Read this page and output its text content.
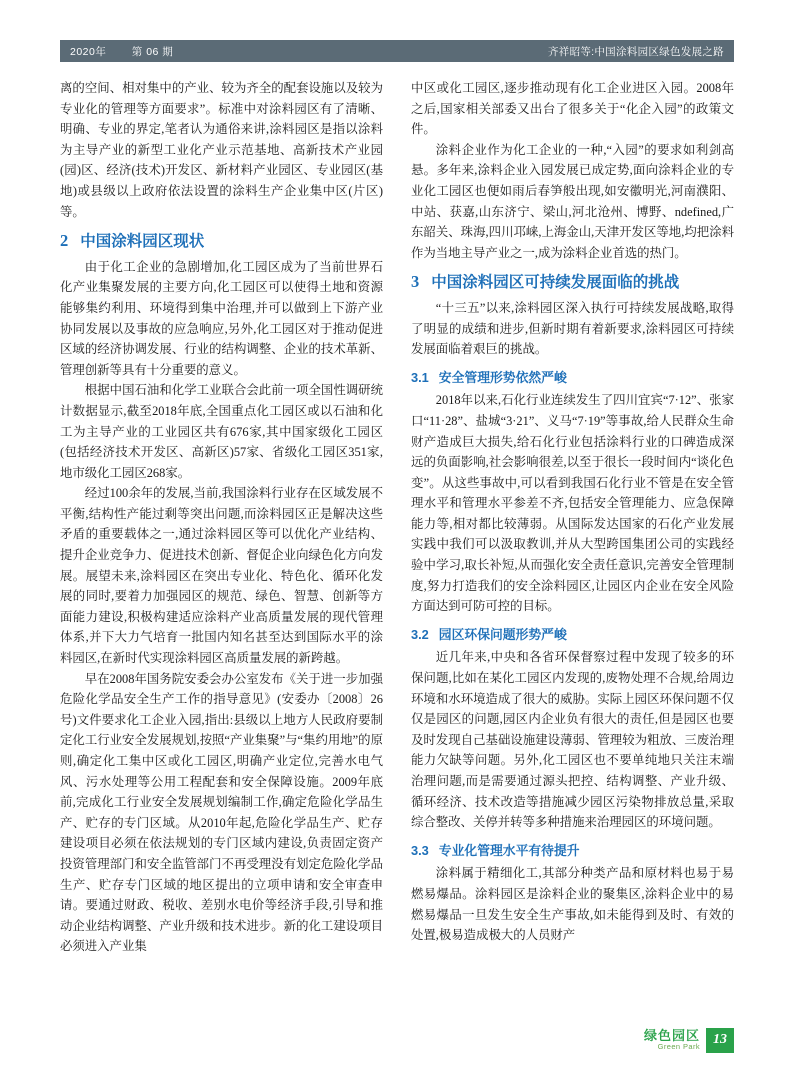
2020年 第 06 期	齐祥昭等:中国涂料园区绿色发展之路

离的空间、相对集中的产业、较为齐全的配套设施以及较为专业化的管理等方面要求”。标准中对涂料园区有了清晰、明确、专业的界定,笔者认为通俗来讲,涂料园区是指以涂料为主导产业的新型工业化产业示范基地、高新技术产业园(园)区、经济(技术)开发区、新材料产业园区、专业园区(基地)或县级以上政府依法设置的涂料生产企业集中区(片区)等。

2 中国涂料园区现状

由于化工企业的急剧增加,化工园区成为了当前世界石化产业集聚发展的主要方向,化工园区可以使得土地和资源能够集约利用、环境得到集中治理,并可以做到上下游产业协同发展以及事故的应急响应,另外,化工园区对于推动促进区域的经济协调发展、行业的结构调整、企业的技术革新、管理创新等具有十分重要的意义。

根据中国石油和化学工业联合会此前一项全国性调研统计数据显示,截至2018年底,全国重点化工园区或以石油和化工为主导产业的工业园区共有676家,其中国家级化工园区(包括经济技术开发区、高新区)57家、省级化工园区351家,地市级化工园区268家。

经过100余年的发展,当前,我国涂料行业存在区域发展不平衡,结构性产能过剩等突出问题,而涂料园区正是解决这些矛盾的重要载体之一,通过涂料园区等可以优化产业结构、提升企业竞争力、促进技术创新、督促企业向绿色化方向发展。展望未来,涂料园区在突出专业化、特色化、循环化发展的同时,要着力加强园区的规范、绿色、智慧、创新等方面能力建设,积极构建适应涂料产业高质量发展的现代管理体系,并下大力气培育一批国内知名甚至达到国际水平的涂料园区,在新时代实现涂料园区高质量发展的新跨越。

早在2008年国务院安委会办公室发布《关于进一步加强危险化学品安全生产工作的指导意见》(安委办〔2008〕26号)文件要求化工企业入园,指出:县级以上地方人民政府要制定化工行业安全发展规划,按照“产业集聚”与“集约用地”的原则,确定化工集中区或化工园区,明确产业定位,完善水电气风、污水处理等公用工程配套和安全保障设施。2009年底前,完成化工行业安全发展规划编制工作,确定危险化学品生产、贮存的专门区域。从2010年起,危险化学品生产、贮存建设项目必须在依法规划的专门区域内建设,负责固定资产投资管理部门和安全监管部门不再受理没有划定危险化学品生产、贮存专门区域的地区提出的立项申请和安全审查申请。要通过财政、税收、差别水电价等经济手段,引导和推动企业结构调整、产业升级和技术进步。新的化工建设项目必须进入产业集

中区或化工园区,逐步推动现有化工企业进区入园。2008年之后,国家相关部委又出台了很多关于“化企入园”的政策文件。

涂料企业作为化工企业的一种,“入园”的要求如利剑高悬。多年来,涂料企业入园发展已成定势,面向涂料企业的专业化工园区也便如雨后春笋般出现,如安徽明光,河南濮阳、中站、获嘉,山东济宁、梁山,河北沧州、博野、ndefined,广东韶关、珠海,四川邛崃,上海金山,天津开发区等地,均把涂料作为当地主导产业之一,成为涂料企业首选的热门。

3 中国涂料园区可持续发展面临的挑战

“十三五”以来,涂料园区深入执行可持续发展战略,取得了明显的成绩和进步,但新时期有着新要求,涂料园区可持续发展面临着艰巨的挑战。

3.1 安全管理形势依然严峻

2018年以来,石化行业连续发生了四川宜宾“7·12”、张家口“11·28”、盐城“3·21”、义马“7·19”等事故,给人民群众生命财产造成巨大损失,给石化行业包括涂料行业的口碑造成深远的负面影响,社会影响很差,以至于很长一段时间内“谈化色变”。从这些事故中,可以看到我国石化行业不管是在安全管理水平和管理水平参差不齐,包括安全管理能力、应急保障能力等,相对都比较薄弱。从国际发达国家的石化产业发展实践中我们可以汲取教训,并从大型跨国集团公司的实践经验中学习,取长补短,从而强化安全责任意识,完善安全管理制度,努力打造我们的安全涂料园区,让园区内企业在安全风险方面达到可防可控的目标。

3.2 园区环保问题形势严峻

近几年来,中央和各省环保督察过程中发现了较多的环保问题,比如在某化工园区内发现的,废物处理不合规,给周边环境和水环境造成了很大的威胁。实际上园区环保问题不仅仅是园区的问题,园区内企业负有很大的责任,但是园区也要及时发现自己基础设施建设薄弱、管理较为粗放、三废治理能力欠缺等问题。另外,化工园区也不要单纯地只关注末端治理问题,而是需要通过源头把控、结构调整、产业升级、循环经济、技术改造等措施减少园区污染物排放总量,采取综合整改、关停并转等多种措施来治理园区的环境问题。

3.3 专业化管理水平有待提升

涂料属于精细化工,其部分种类产品和原材料也易于易燃易爆品。涂料园区是涂料企业的聚集区,涂料企业中的易燃易爆品一旦发生安全生产事故,如未能得到及时、有效的处置,极易造成极大的人员财产

绿色园区
Green Park 13
